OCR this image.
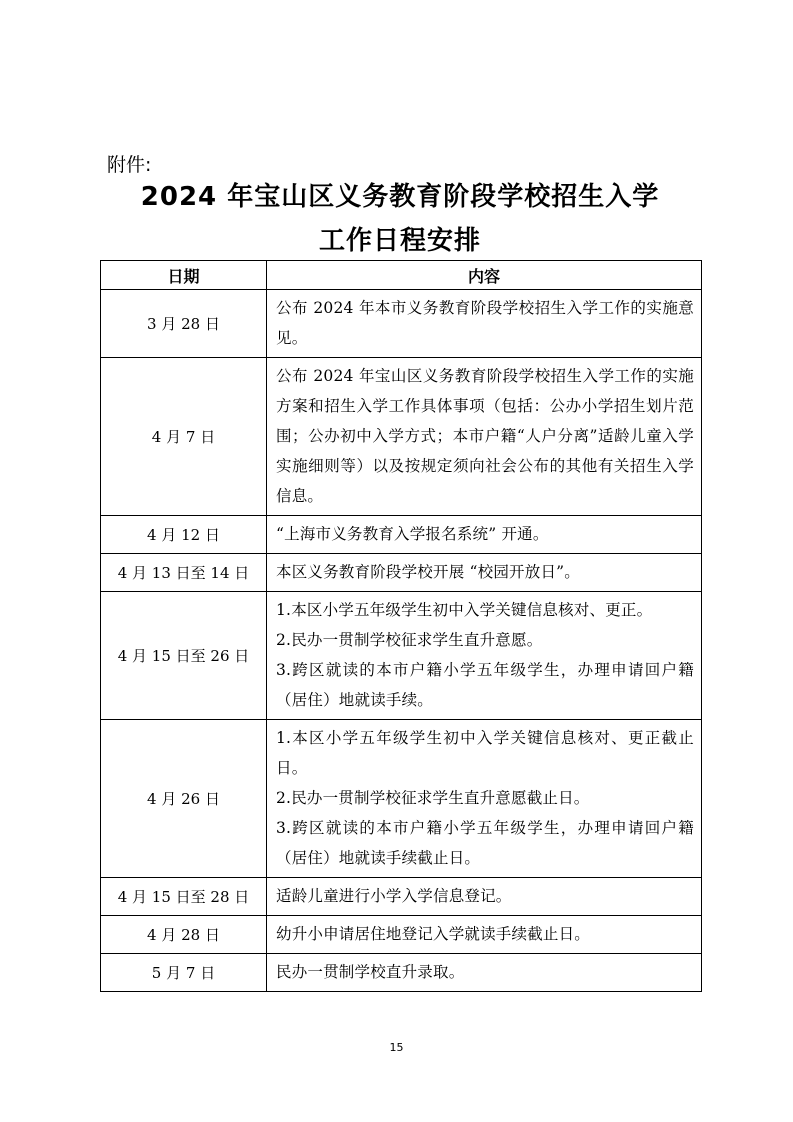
附件:
2024 年宝山区义务教育阶段学校招生入学
工作日程安排
日期	内容
3 月 28 日	公布 2024 年本市义务教育阶段学校招生入学工作的实施意见。

4 月 7 日	公布 2024 年宝山区义务教育阶段学校招生入学工作的实施方案和招生入学工作具体事项（包括：公办小学招生划片范围；公办初中入学方式；本市户籍“人户分离”适龄儿童入学实施细则等）以及按规定须向社会公布的其他有关招生入学信息。

4 月 12 日	“上海市义务教育入学报名系统” 开通。

4 月 13 日至 14 日	本区义务教育阶段学校开展 “校园开放日”。

4 月 15 日至 26 日	1.本区小学五年级学生初中入学关键信息核对、更正。
2.民办一贯制学校征求学生直升意愿。
3.跨区就读的本市户籍小学五年级学生，办理申请回户籍（居住）地就读手续。

4 月 26 日	1.本区小学五年级学生初中入学关键信息核对、更正截止日。
2.民办一贯制学校征求学生直升意愿截止日。
3.跨区就读的本市户籍小学五年级学生，办理申请回户籍（居住）地就读手续截止日。

4 月 15 日至 28 日	适龄儿童进行小学入学信息登记。

4 月 28 日	幼升小申请居住地登记入学就读手续截止日。

5 月 7 日	民办一贯制学校直升录取。
15
